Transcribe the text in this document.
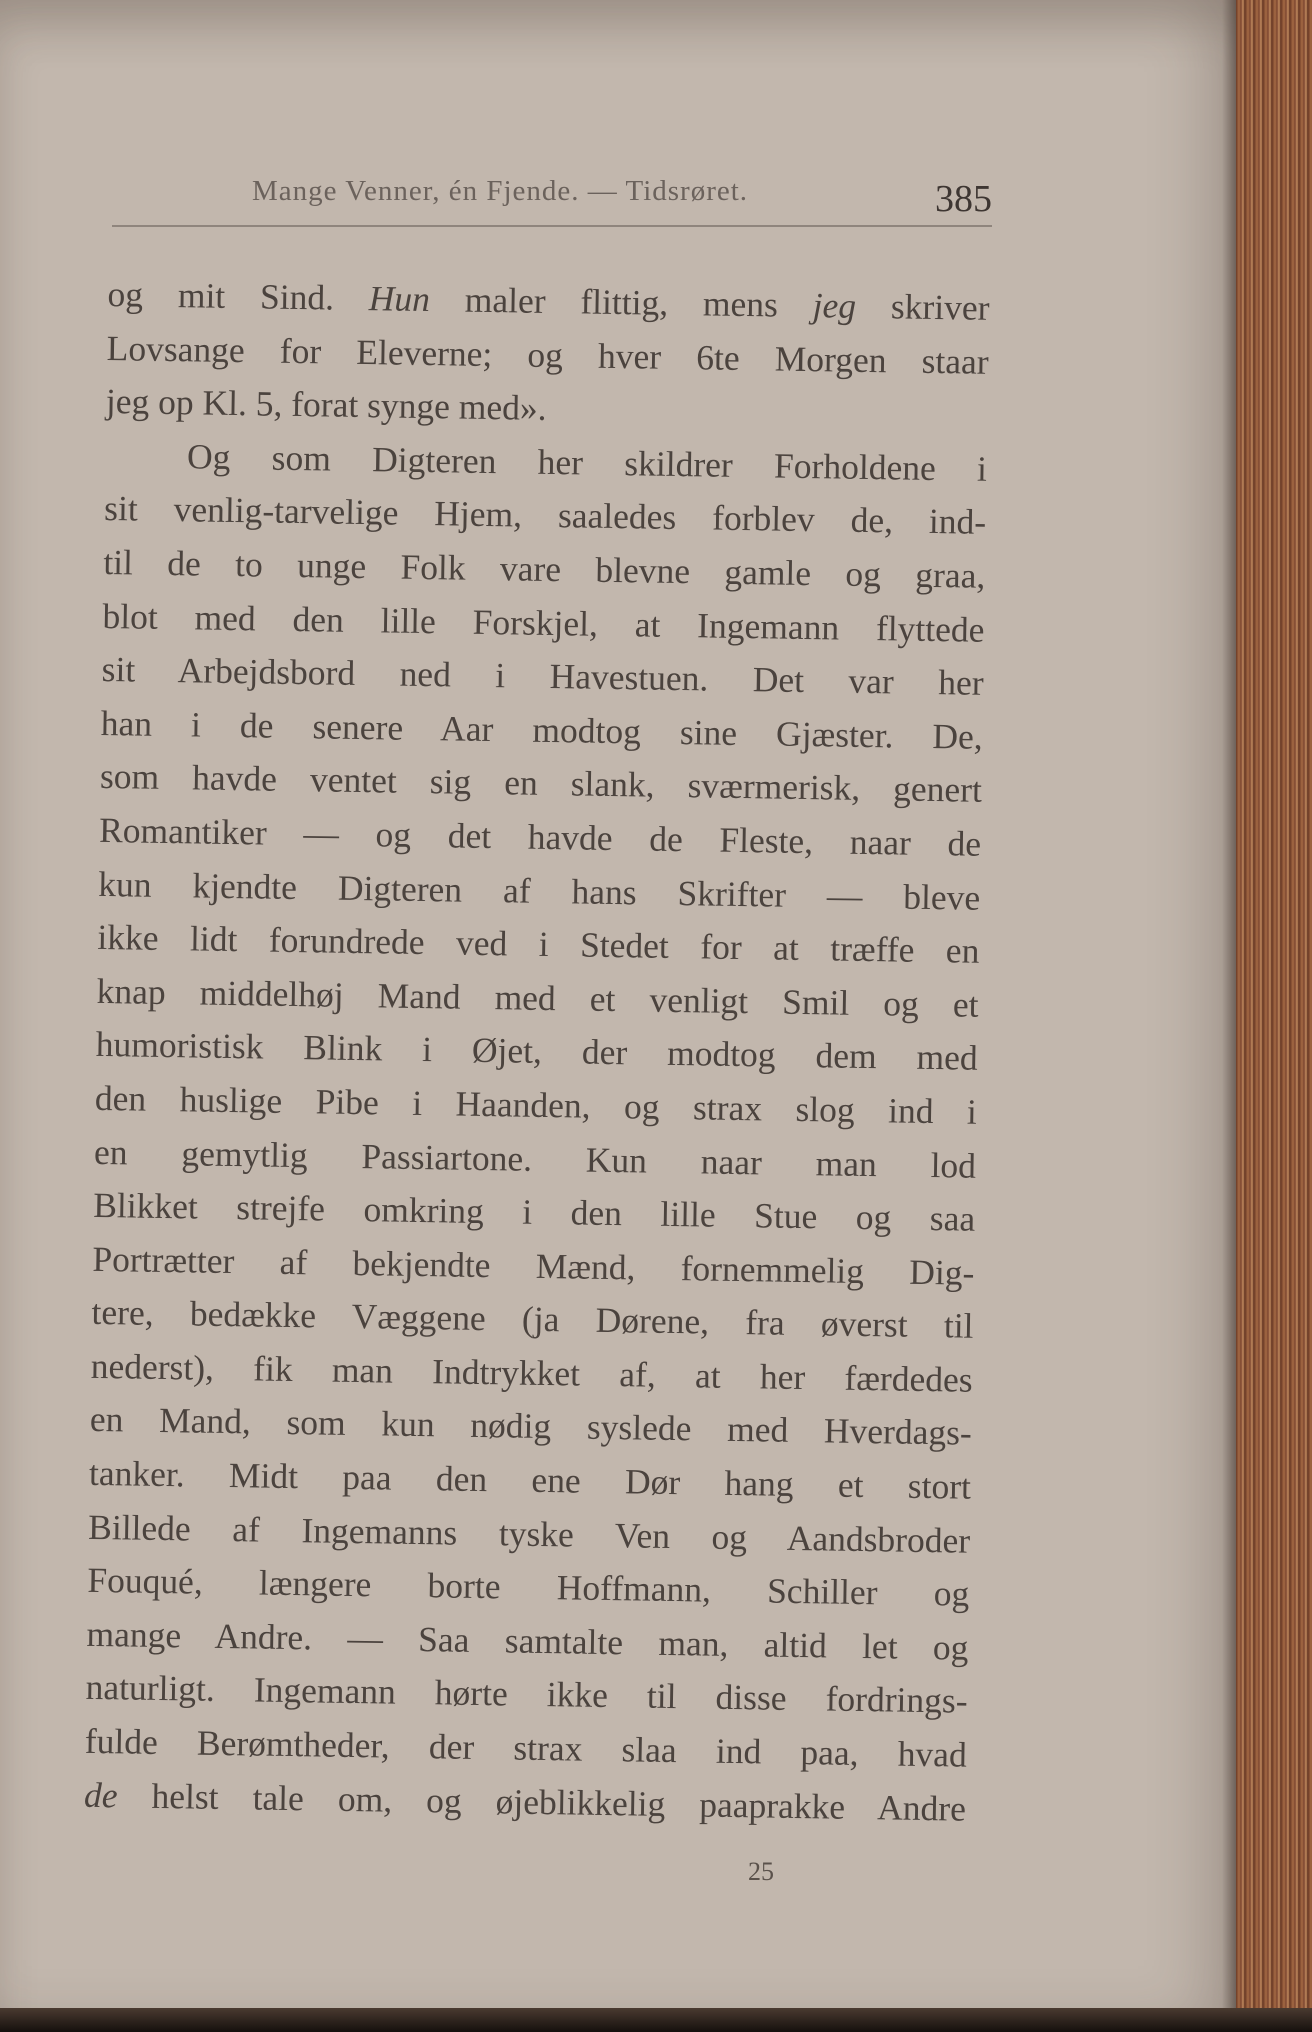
Mange Venner, én Fjende. — Tidsrøret.	385
og mit Sind. Hun maler flittig, mens jeg skriver
Lovsange for Eleverne; og hver 6te Morgen staar
jeg op Kl. 5, forat synge med».
Og som Digteren her skildrer Forholdene i
sit venlig-tarvelige Hjem, saaledes forblev de, ind-
til de to unge Folk vare blevne gamle og graa,
blot med den lille Forskjel, at Ingemann flyttede
sit Arbejdsbord ned i Havestuen. Det var her
han i de senere Aar modtog sine Gjæster. De,
som havde ventet sig en slank, sværmerisk, genert
Romantiker — og det havde de Fleste, naar de
kun kjendte Digteren af hans Skrifter — bleve
ikke lidt forundrede ved i Stedet for at træffe en
knap middelhøj Mand med et venligt Smil og et
humoristisk Blink i Øjet, der modtog dem med
den huslige Pibe i Haanden, og strax slog ind i
en gemytlig Passiartone. Kun naar man lod
Blikket strejfe omkring i den lille Stue og saa
Portrætter af bekjendte Mænd, fornemmelig Dig-
tere, bedække Væggene (ja Dørene, fra øverst til
nederst), fik man Indtrykket af, at her færdedes
en Mand, som kun nødig syslede med Hverdags-
tanker. Midt paa den ene Dør hang et stort
Billede af Ingemanns tyske Ven og Aandsbroder
Fouqué, længere borte Hoffmann, Schiller og
mange Andre. — Saa samtalte man, altid let og
naturligt. Ingemann hørte ikke til disse fordrings-
fulde Berømtheder, der strax slaa ind paa, hvad
de helst tale om, og øjeblikkelig paaprakke Andre
25
